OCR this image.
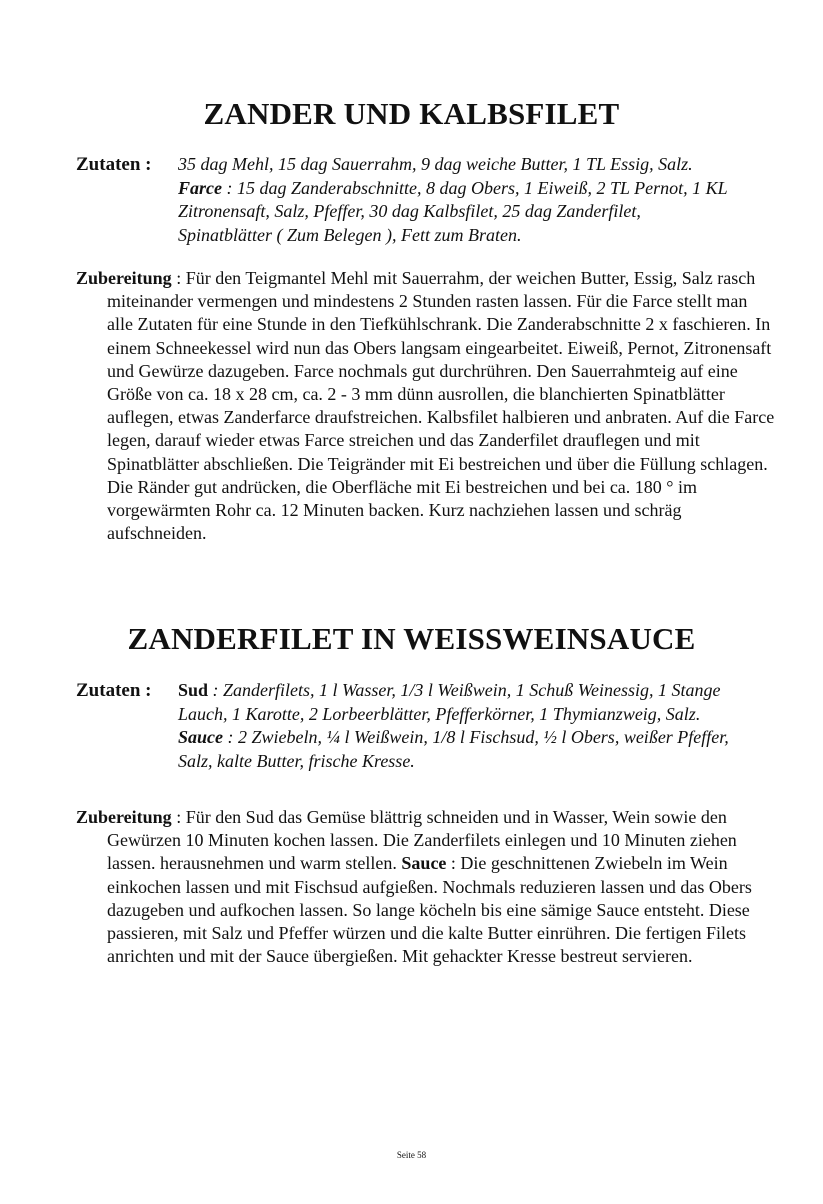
ZANDER UND KALBSFILET
Zutaten : 35 dag Mehl, 15 dag Sauerrahm, 9 dag weiche Butter, 1 TL Essig, Salz. Farce : 15 dag Zanderabschnitte, 8 dag Obers, 1 Eiweiß, 2 TL Pernot, 1 KL Zitronensaft, Salz, Pfeffer, 30 dag Kalbsfilet, 25 dag Zanderfilet, Spinatblätter ( Zum Belegen ), Fett zum Braten.
Zubereitung : Für den Teigmantel Mehl mit Sauerrahm, der weichen Butter, Essig, Salz rasch miteinander vermengen und mindestens 2 Stunden rasten lassen. Für die Farce stellt man alle Zutaten für eine Stunde in den Tiefkühlschrank. Die Zanderabschnitte 2 x faschieren. In einem Schneekessel wird nun das Obers langsam eingearbeitet. Eiweiß, Pernot, Zitronensaft und Gewürze dazugeben. Farce nochmals gut durchrühren. Den Sauerrahmteig auf eine Größe von ca. 18 x 28 cm, ca. 2 - 3 mm dünn ausrollen, die blanchierten Spinatblätter auflegen, etwas Zanderfarce draufstreichen. Kalbsfilet halbieren und anbraten. Auf die Farce legen, darauf wieder etwas Farce streichen und das Zanderfilet drauflegen und mit Spinatblätter abschließen. Die Teigränder mit Ei bestreichen und über die Füllung schlagen. Die Ränder gut andrücken, die Oberfläche mit Ei bestreichen und bei ca. 180 ° im vorgewärmten Rohr ca. 12 Minuten backen. Kurz nachziehen lassen und schräg aufschneiden.
ZANDERFILET IN WEISSWEINSAUCE
Zutaten : Sud : Zanderfilets, 1 l Wasser, 1/3 l Weißwein, 1 Schuß Weinessig, 1 Stange Lauch, 1 Karotte, 2 Lorbeerblätter, Pfefferkörner, 1 Thymianzweig, Salz. Sauce : 2 Zwiebeln, ¼ l Weißwein, 1/8 l Fischsud, ½ l Obers, weißer Pfeffer, Salz, kalte Butter, frische Kresse.
Zubereitung : Für den Sud das Gemüse blättrig schneiden und in Wasser, Wein sowie den Gewürzen 10 Minuten kochen lassen. Die Zanderfilets einlegen und 10 Minuten ziehen lassen. herausnehmen und warm stellen. Sauce : Die geschnittenen Zwiebeln im Wein einkochen lassen und mit Fischsud aufgießen. Nochmals reduzieren lassen und das Obers dazugeben und aufkochen lassen. So lange köcheln bis eine sämige Sauce entsteht. Diese passieren, mit Salz und Pfeffer würzen und die kalte Butter einrühren. Die fertigen Filets anrichten und mit der Sauce übergießen. Mit gehackter Kresse bestreut servieren.
Seite 58
